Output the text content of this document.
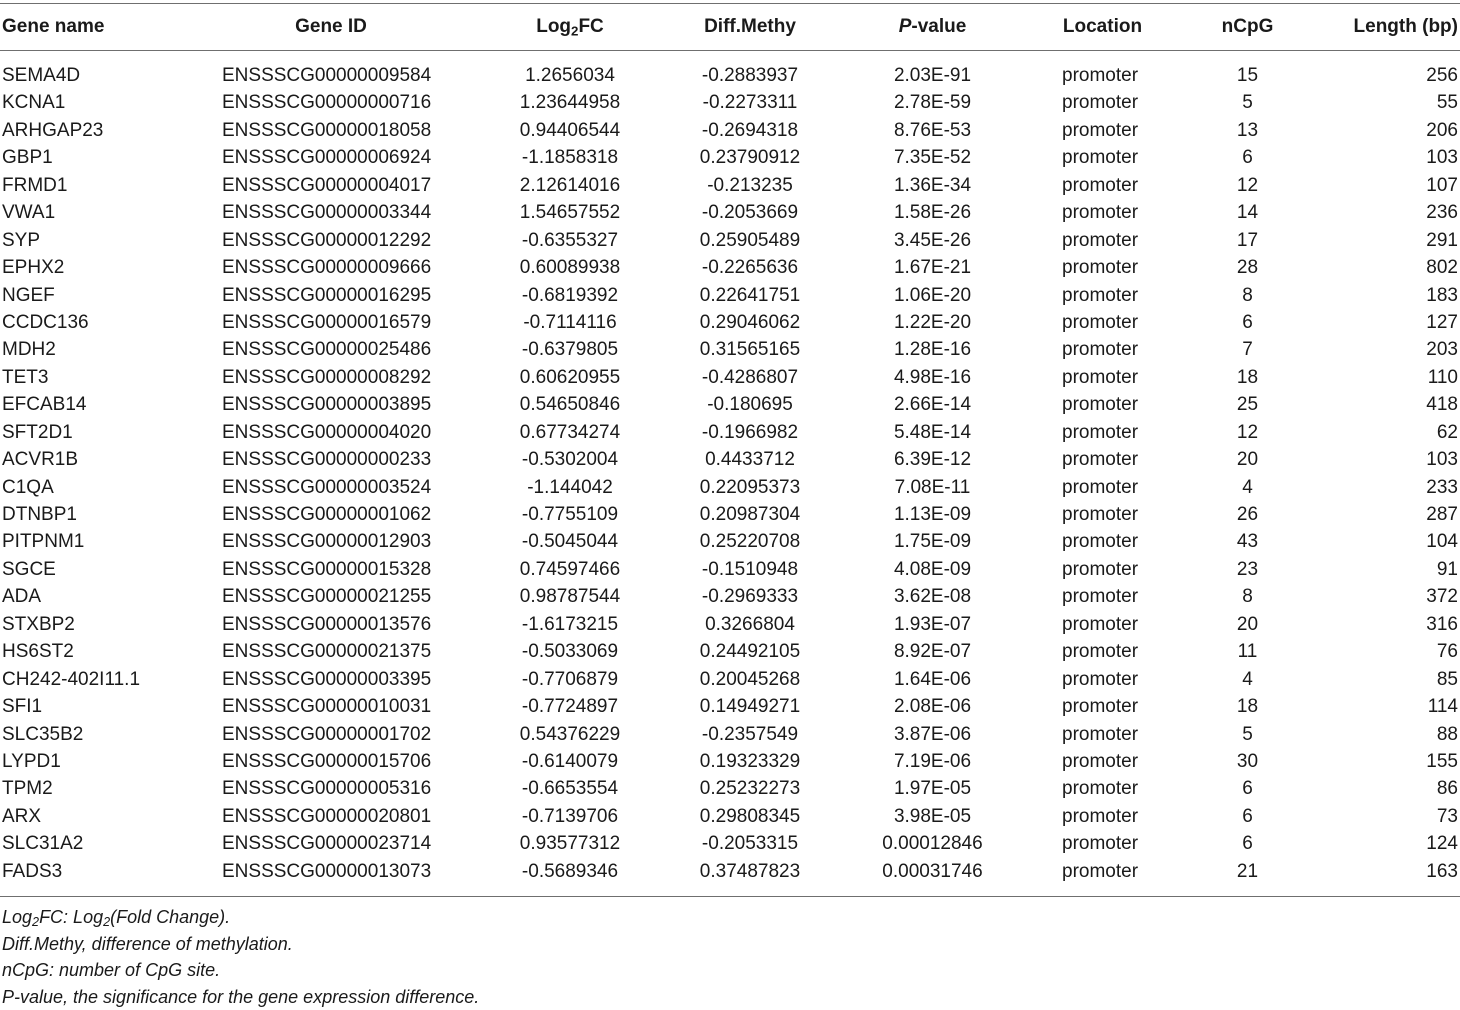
Gene name	Gene ID	Log$_2$FC	Diff.Methy	P-value	Location	nCpG	Length (bp)
SEMA4D	ENSSSCG00000009584	1.2656034	-0.2883937	2.03E-91	promoter	15	256
KCNA1	ENSSSCG00000000716	1.23644958	-0.2273311	2.78E-59	promoter	5	55
ARHGAP23	ENSSSCG00000018058	0.94406544	-0.2694318	8.76E-53	promoter	13	206
GBP1	ENSSSCG00000006924	-1.1858318	0.23790912	7.35E-52	promoter	6	103
FRMD1	ENSSSCG00000004017	2.12614016	-0.213235	1.36E-34	promoter	12	107
VWA1	ENSSSCG00000003344	1.54657552	-0.2053669	1.58E-26	promoter	14	236
SYP	ENSSSCG00000012292	-0.6355327	0.25905489	3.45E-26	promoter	17	291
EPHX2	ENSSSCG00000009666	0.60089938	-0.2265636	1.67E-21	promoter	28	802
NGEF	ENSSSCG00000016295	-0.6819392	0.22641751	1.06E-20	promoter	8	183
CCDC136	ENSSSCG00000016579	-0.7114116	0.29046062	1.22E-20	promoter	6	127
MDH2	ENSSSCG00000025486	-0.6379805	0.31565165	1.28E-16	promoter	7	203
TET3	ENSSSCG00000008292	0.60620955	-0.4286807	4.98E-16	promoter	18	110
EFCAB14	ENSSSCG00000003895	0.54650846	-0.180695	2.66E-14	promoter	25	418
SFT2D1	ENSSSCG00000004020	0.67734274	-0.1966982	5.48E-14	promoter	12	62
ACVR1B	ENSSSCG00000000233	-0.5302004	0.4433712	6.39E-12	promoter	20	103
C1QA	ENSSSCG00000003524	-1.144042	0.22095373	7.08E-11	promoter	4	233
DTNBP1	ENSSSCG00000001062	-0.7755109	0.20987304	1.13E-09	promoter	26	287
PITPNM1	ENSSSCG00000012903	-0.5045044	0.25220708	1.75E-09	promoter	43	104
SGCE	ENSSSCG00000015328	0.74597466	-0.1510948	4.08E-09	promoter	23	91
ADA	ENSSSCG00000021255	0.98787544	-0.2969333	3.62E-08	promoter	8	372
STXBP2	ENSSSCG00000013576	-1.6173215	0.3266804	1.93E-07	promoter	20	316
HS6ST2	ENSSSCG00000021375	-0.5033069	0.24492105	8.92E-07	promoter	11	76
CH242-402I11.1	ENSSSCG00000003395	-0.7706879	0.20045268	1.64E-06	promoter	4	85
SFI1	ENSSSCG00000010031	-0.7724897	0.14949271	2.08E-06	promoter	18	114
SLC35B2	ENSSSCG00000001702	0.54376229	-0.2357549	3.87E-06	promoter	5	88
LYPD1	ENSSSCG00000015706	-0.6140079	0.19323329	7.19E-06	promoter	30	155
TPM2	ENSSSCG00000005316	-0.6653554	0.25232273	1.97E-05	promoter	6	86
ARX	ENSSSCG00000020801	-0.7139706	0.29808345	3.98E-05	promoter	6	73
SLC31A2	ENSSSCG00000023714	0.93577312	-0.2053315	0.00012846	promoter	6	124
FADS3	ENSSSCG00000013073	-0.5689346	0.37487823	0.00031746	promoter	21	163
Log$_2$FC: Log$_2$(Fold Change).
Diff.Methy, difference of methylation.
nCpG: number of CpG site.
P-value, the significance for the gene expression difference.
